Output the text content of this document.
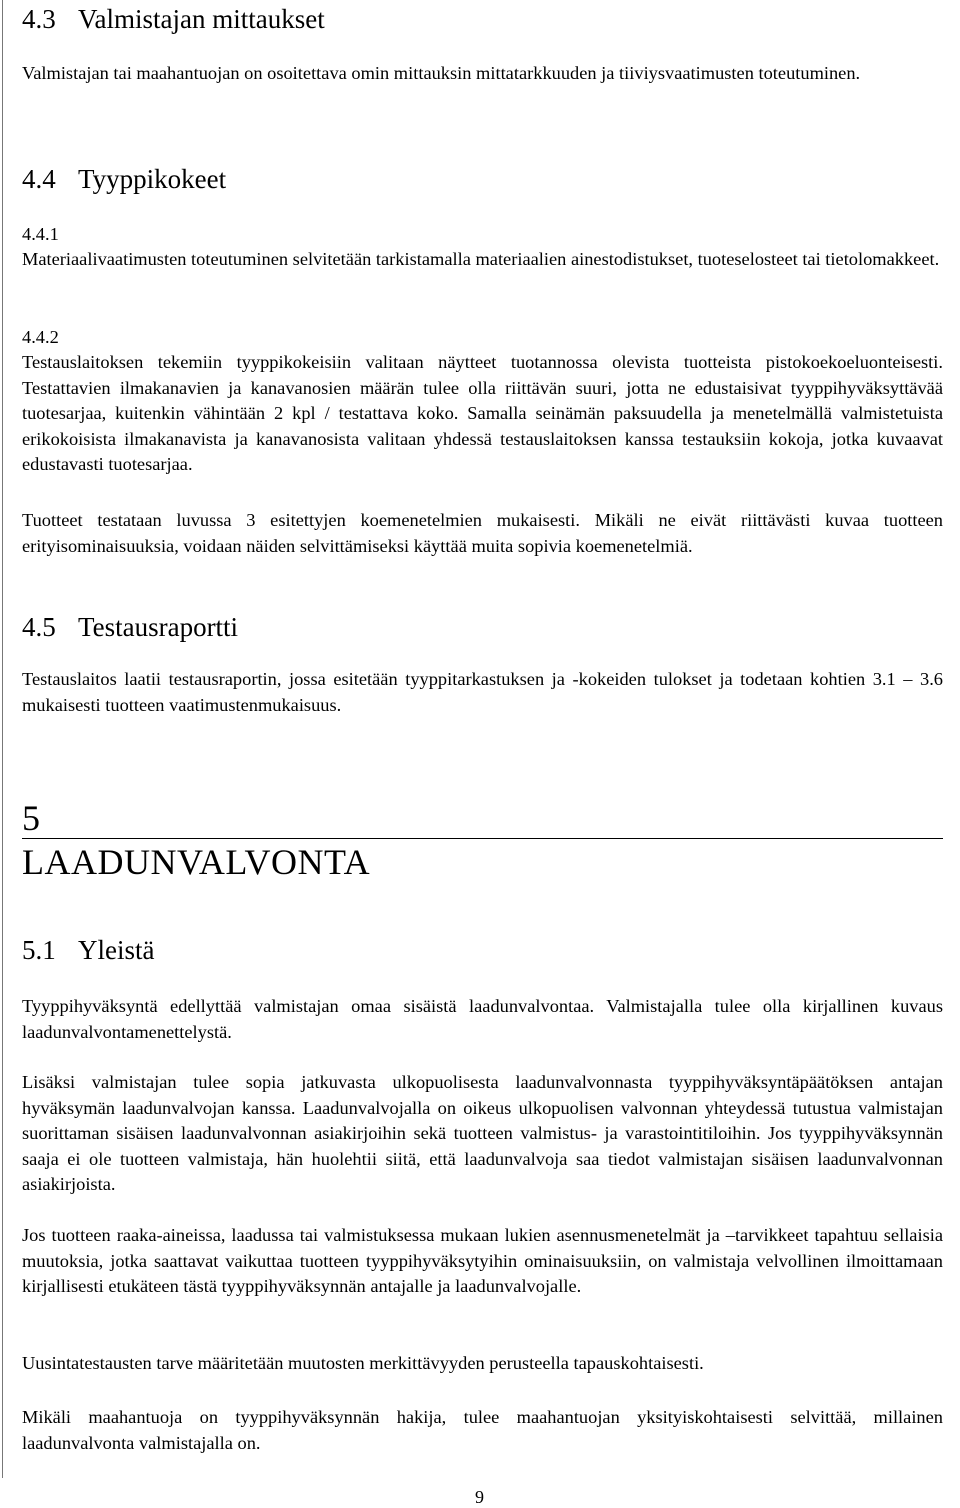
4.3 Valmistajan mittaukset
Valmistajan tai maahantuojan on osoitettava omin mittauksin mittatarkkuuden ja tiiviysvaatimusten toteutuminen.
4.4 Tyyppikokeet
4.4.1
Materiaalivaatimusten toteutuminen selvitetään tarkistamalla materiaalien ainestodistukset, tuoteselosteet tai tietolomakkeet.
4.4.2
Testauslaitoksen tekemiin tyyppikokeisiin valitaan näytteet tuotannossa olevista tuotteista pistokoekoeluonteisesti. Testattavien ilmakanavien ja kanavanosien määrän tulee olla riittävän suuri, jotta ne edustaisivat tyyppihyväksyttävää tuotesarjaa, kuitenkin vähintään 2 kpl / testattava koko. Samalla seinämän paksuudella ja menetelmällä valmistetuista erikokoisista ilmakanavista ja kanavanosista valitaan yhdessä testauslaitoksen kanssa testauksiin kokoja, jotka kuvaavat edustavasti tuotesarjaa.
Tuotteet testataan luvussa 3 esitettyjen koemenetelmien mukaisesti. Mikäli ne eivät riittävästi kuvaa tuotteen erityisominaisuuksia, voidaan näiden selvittämiseksi käyttää muita sopivia koemenetelmiä.
4.5 Testausraportti
Testauslaitos laatii testausraportin, jossa esitetään tyyppitarkastuksen ja -kokeiden tulokset ja todetaan kohtien 3.1 – 3.6 mukaisesti tuotteen vaatimustenmukaisuus.
5
LAADUNVALVONTA
5.1 Yleistä
Tyyppihyväksyntä edellyttää valmistajan omaa sisäistä laadunvalvontaa. Valmistajalla tulee olla kirjallinen kuvaus laadunvalvontamenettelystä.
Lisäksi valmistajan tulee sopia jatkuvasta ulkopuolisesta laadunvalvonnasta tyyppihyväksyntäpäätöksen antajan hyväksymän laadunvalvojan kanssa. Laadunvalvojalla on oikeus ulkopuolisen valvonnan yhteydessä tutustua valmistajan suorittaman sisäisen laadunvalvonnan asiakirjoihin sekä tuotteen valmistus- ja varastointitiloihin. Jos tyyppihyväksynnän saaja ei ole tuotteen valmistaja, hän huolehtii siitä, että laadunvalvoja saa tiedot valmistajan sisäisen laadunvalvonnan asiakirjoista.
Jos tuotteen raaka-aineissa, laadussa tai valmistuksessa mukaan lukien asennusmenetelmät ja –tarvikkeet tapahtuu sellaisia muutoksia, jotka saattavat vaikuttaa tuotteen tyyppihyväksytyihin ominaisuuksiin, on valmistaja velvollinen ilmoittamaan kirjallisesti etukäteen tästä tyyppihyväksynnän antajalle ja laadunvalvojalle.
Uusintatestausten tarve määritetään muutosten merkittävyyden perusteella tapauskohtaisesti.
Mikäli maahantuoja on tyyppihyväksynnän hakija, tulee maahantuojan yksityiskohtaisesti selvittää, millainen laadunvalvonta valmistajalla on.
9
